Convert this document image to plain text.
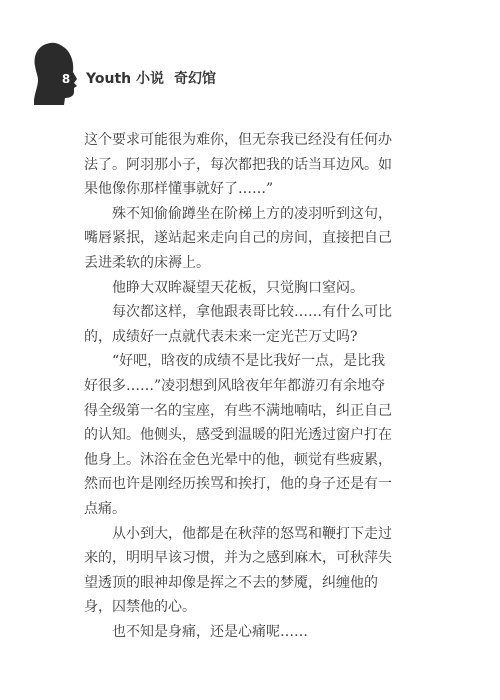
8	Youth 小说 奇幻馆

这个要求可能很为难你，但无奈我已经没有任何办
法了。阿羽那小子，每次都把我的话当耳边风。如
果他像你那样懂事就好了……”

　　殊不知偷偷蹲坐在阶梯上方的凌羽听到这句，
嘴唇紧抿，遂站起来走向自己的房间，直接把自己
丢进柔软的床褥上。

　　他睁大双眸凝望天花板，只觉胸口窒闷。

　　每次都这样，拿他跟表哥比较……有什么可比
的，成绩好一点就代表未来一定光芒万丈吗?

　　“好吧，晗夜的成绩不是比我好一点，是比我
好很多……”凌羽想到风晗夜年年都游刃有余地夺
得全级第一名的宝座，有些不满地喃咕，纠正自己
的认知。他侧头，感受到温暖的阳光透过窗户打在
他身上。沐浴在金色光晕中的他，顿觉有些疲累，
然而也许是刚经历挨骂和挨打，他的身子还是有一
点痛。

　　从小到大，他都是在秋萍的怒骂和鞭打下走过
来的，明明早该习惯，并为之感到麻木，可秋萍失
望透顶的眼神却像是挥之不去的梦魇，纠缠他的
身，囚禁他的心。

　　也不知是身痛，还是心痛呢……
